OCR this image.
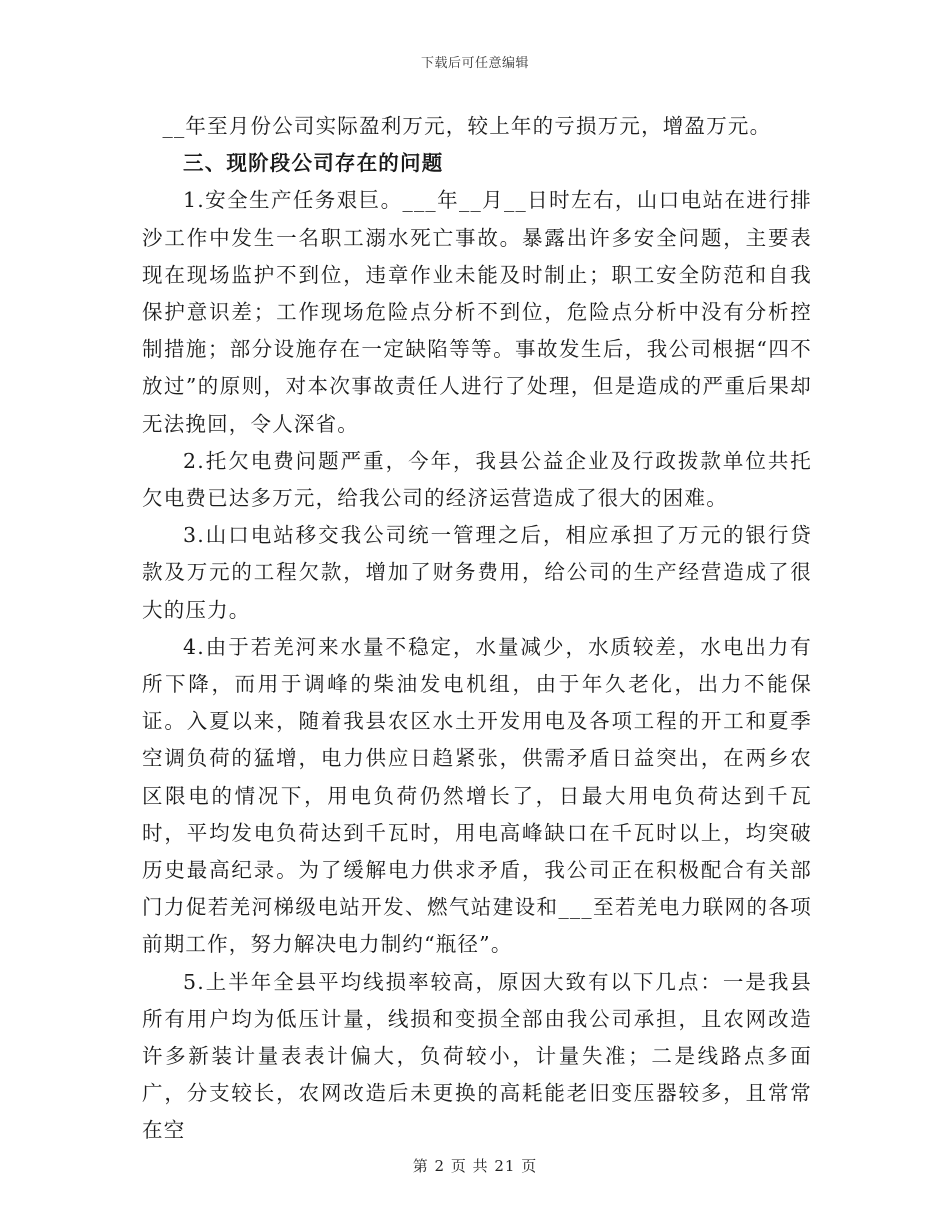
下载后可任意编辑

__年至月份公司实际盈利万元，较上年的亏损万元，增盈万元。

三、现阶段公司存在的问题

1.安全生产任务艰巨。___年__月__日时左右，山口电站在进行排沙工作中发生一名职工溺水死亡事故。暴露出许多安全问题，主要表现在现场监护不到位，违章作业未能及时制止；职工安全防范和自我保护意识差；工作现场危险点分析不到位，危险点分析中没有分析控制措施；部分设施存在一定缺陷等等。事故发生后，我公司根据“四不放过”的原则，对本次事故责任人进行了处理，但是造成的严重后果却无法挽回，令人深省。

2.托欠电费问题严重，今年，我县公益企业及行政拨款单位共托欠电费已达多万元，给我公司的经济运营造成了很大的困难。

3.山口电站移交我公司统一管理之后，相应承担了万元的银行贷款及万元的工程欠款，增加了财务费用，给公司的生产经营造成了很大的压力。

4.由于若羌河来水量不稳定，水量减少，水质较差，水电出力有所下降，而用于调峰的柴油发电机组，由于年久老化，出力不能保证。入夏以来，随着我县农区水土开发用电及各项工程的开工和夏季空调负荷的猛增，电力供应日趋紧张，供需矛盾日益突出，在两乡农区限电的情况下，用电负荷仍然增长了，日最大用电负荷达到千瓦时，平均发电负荷达到千瓦时，用电高峰缺口在千瓦时以上，均突破历史最高纪录。为了缓解电力供求矛盾，我公司正在积极配合有关部门力促若羌河梯级电站开发、燃气站建设和___至若羌电力联网的各项前期工作，努力解决电力制约“瓶径”。

5.上半年全县平均线损率较高，原因大致有以下几点：一是我县所有用户均为低压计量，线损和变损全部由我公司承担，且农网改造许多新装计量表表计偏大，负荷较小，计量失准；二是线路点多面广，分支较长，农网改造后未更换的高耗能老旧变压器较多，且常常在空

第 2 页 共 21 页
